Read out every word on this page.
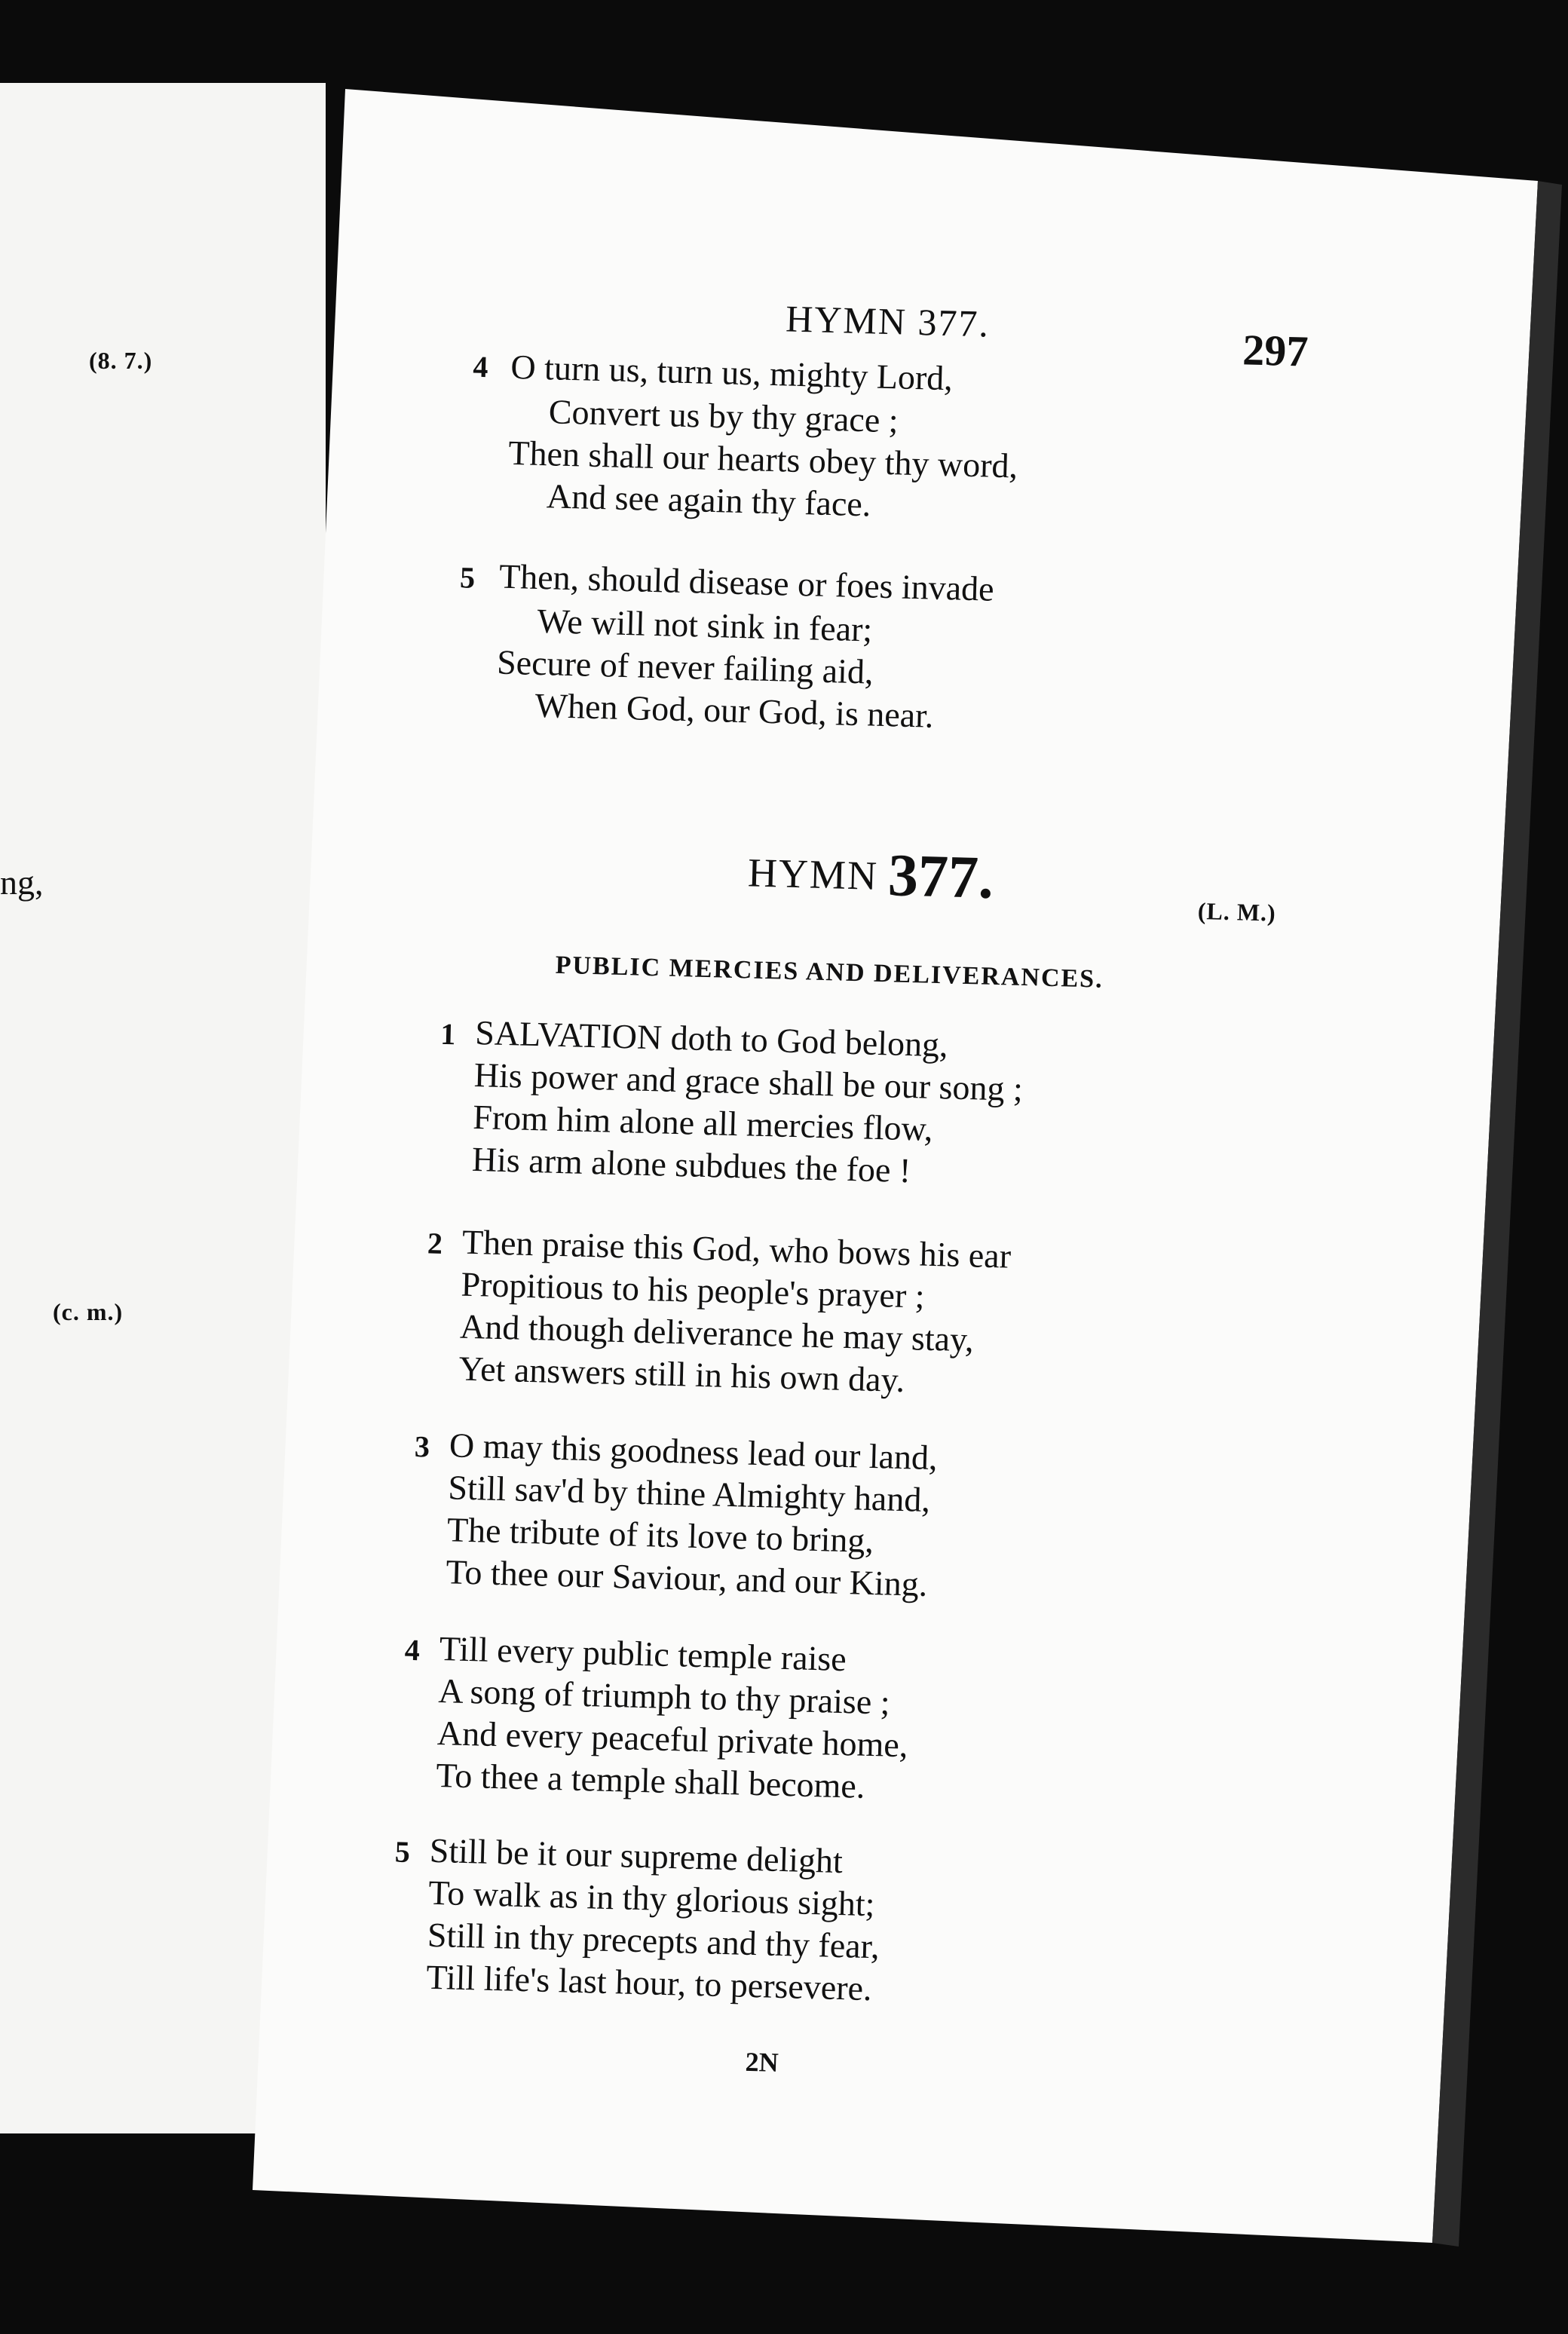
(8. 7.)
ng,
(c. m.)
HYMN 377.
297
4 O turn us, turn us, mighty Lord,
Convert us by thy grace ;
Then shall our hearts obey thy word,
And see again thy face.
5 Then, should disease or foes invade
We will not sink in fear;
Secure of never failing aid,
When God, our God, is near.
HYMN 377.
(L. M.)
PUBLIC MERCIES AND DELIVERANCES.
1 SALVATION doth to God belong,
His power and grace shall be our song ;
From him alone all mercies flow,
His arm alone subdues the foe !
2 Then praise this God, who bows his ear
Propitious to his people's prayer ;
And though deliverance he may stay,
Yet answers still in his own day.
3 O may this goodness lead our land,
Still sav'd by thine Almighty hand,
The tribute of its love to bring,
To thee our Saviour, and our King.
4 Till every public temple raise
A song of triumph to thy praise ;
And every peaceful private home,
To thee a temple shall become.
5 Still be it our supreme delight
To walk as in thy glorious sight;
Still in thy precepts and thy fear,
Till life's last hour, to persevere.
2N
